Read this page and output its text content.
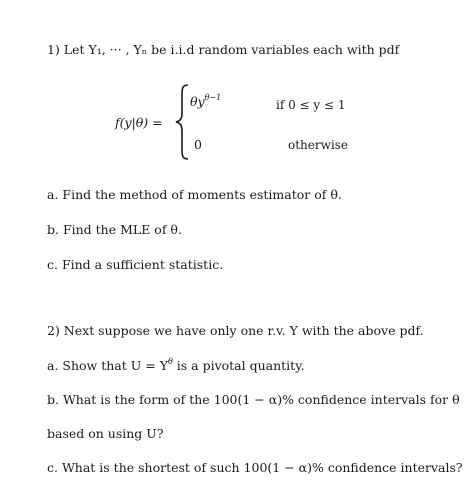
1) Let Y₁, ··· , Yₙ be i.i.d random variables each with pdf
f(y|θ) =
$\theta y^{\theta-1}$
if 0 ≤ y ≤ 1
0	otherwise
a. Find the method of moments estimator of θ.
b. Find the MLE of θ.
c. Find a sufficient statistic.
2) Next suppose we have only one r.v. Y with the above pdf.
a. Show that $U = Y^\theta$ is a pivotal quantity.
b. What is the form of the 100(1 − α)% confidence intervals for θ
based on using U?
c. What is the shortest of such 100(1 − α)% confidence intervals?
